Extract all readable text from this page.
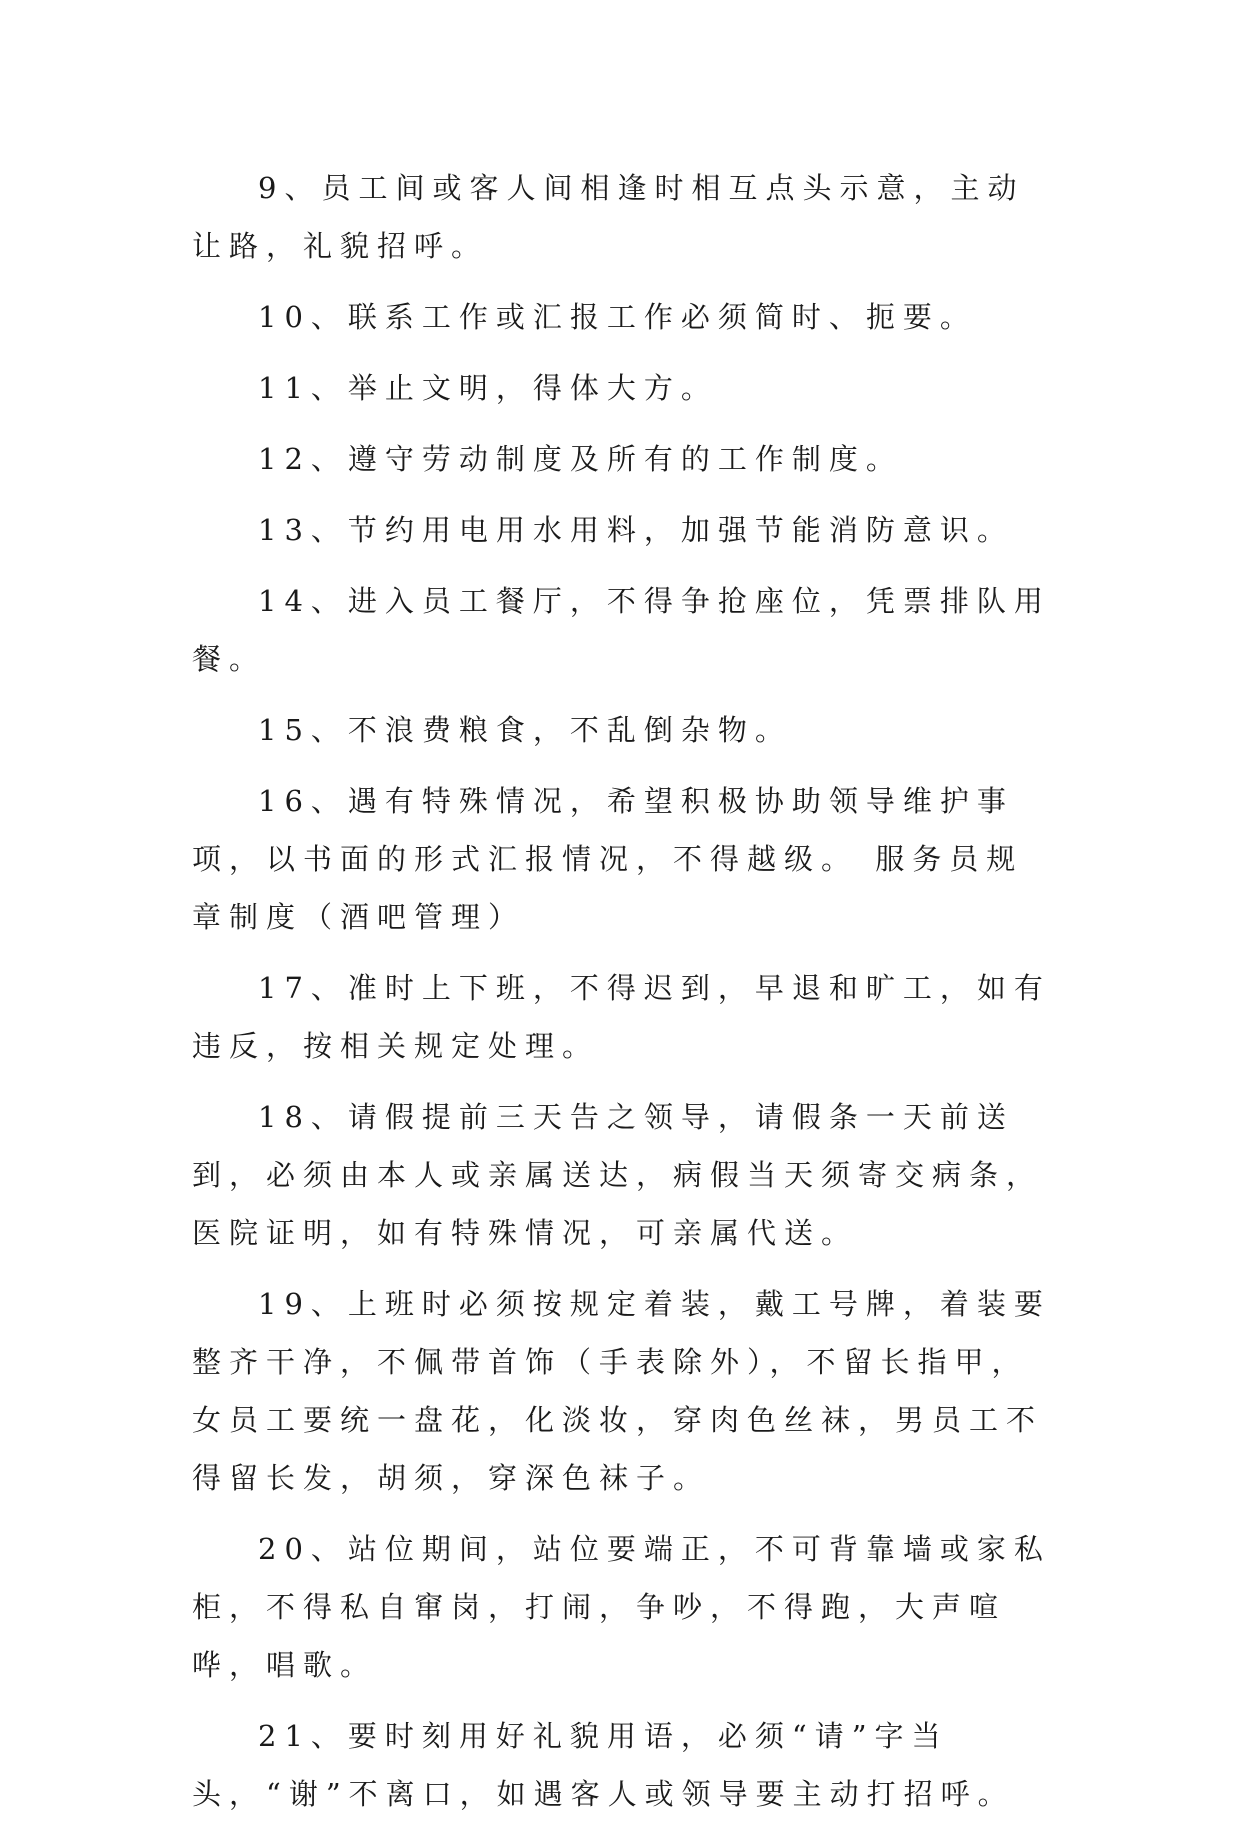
9、员工间或客人间相逢时相互点头示意，主动让路，礼貌招呼。

10、联系工作或汇报工作必须简时、扼要。

11、举止文明，得体大方。

12、遵守劳动制度及所有的工作制度。

13、节约用电用水用料，加强节能消防意识。

14、进入员工餐厅，不得争抢座位，凭票排队用餐。

15、不浪费粮食，不乱倒杂物。

16、遇有特殊情况，希望积极协助领导维护事项，以书面的形式汇报情况，不得越级。 服务员规章制度（酒吧管理）

17、准时上下班，不得迟到，早退和旷工，如有违反，按相关规定处理。

18、请假提前三天告之领导，请假条一天前送到，必须由本人或亲属送达，病假当天须寄交病条，医院证明，如有特殊情况，可亲属代送。

19、上班时必须按规定着装，戴工号牌，着装要整齐干净，不佩带首饰（手表除外），不留长指甲，女员工要统一盘花，化淡妆，穿肉色丝袜，男员工不得留长发，胡须，穿深色袜子。

20、站位期间，站位要端正，不可背靠墙或家私柜，不得私自窜岗，打闹，争吵，不得跑，大声喧哗，唱歌。

21、要时刻用好礼貌用语，必须“请”字当头，“谢”不离口，如遇客人或领导要主动打招呼。
